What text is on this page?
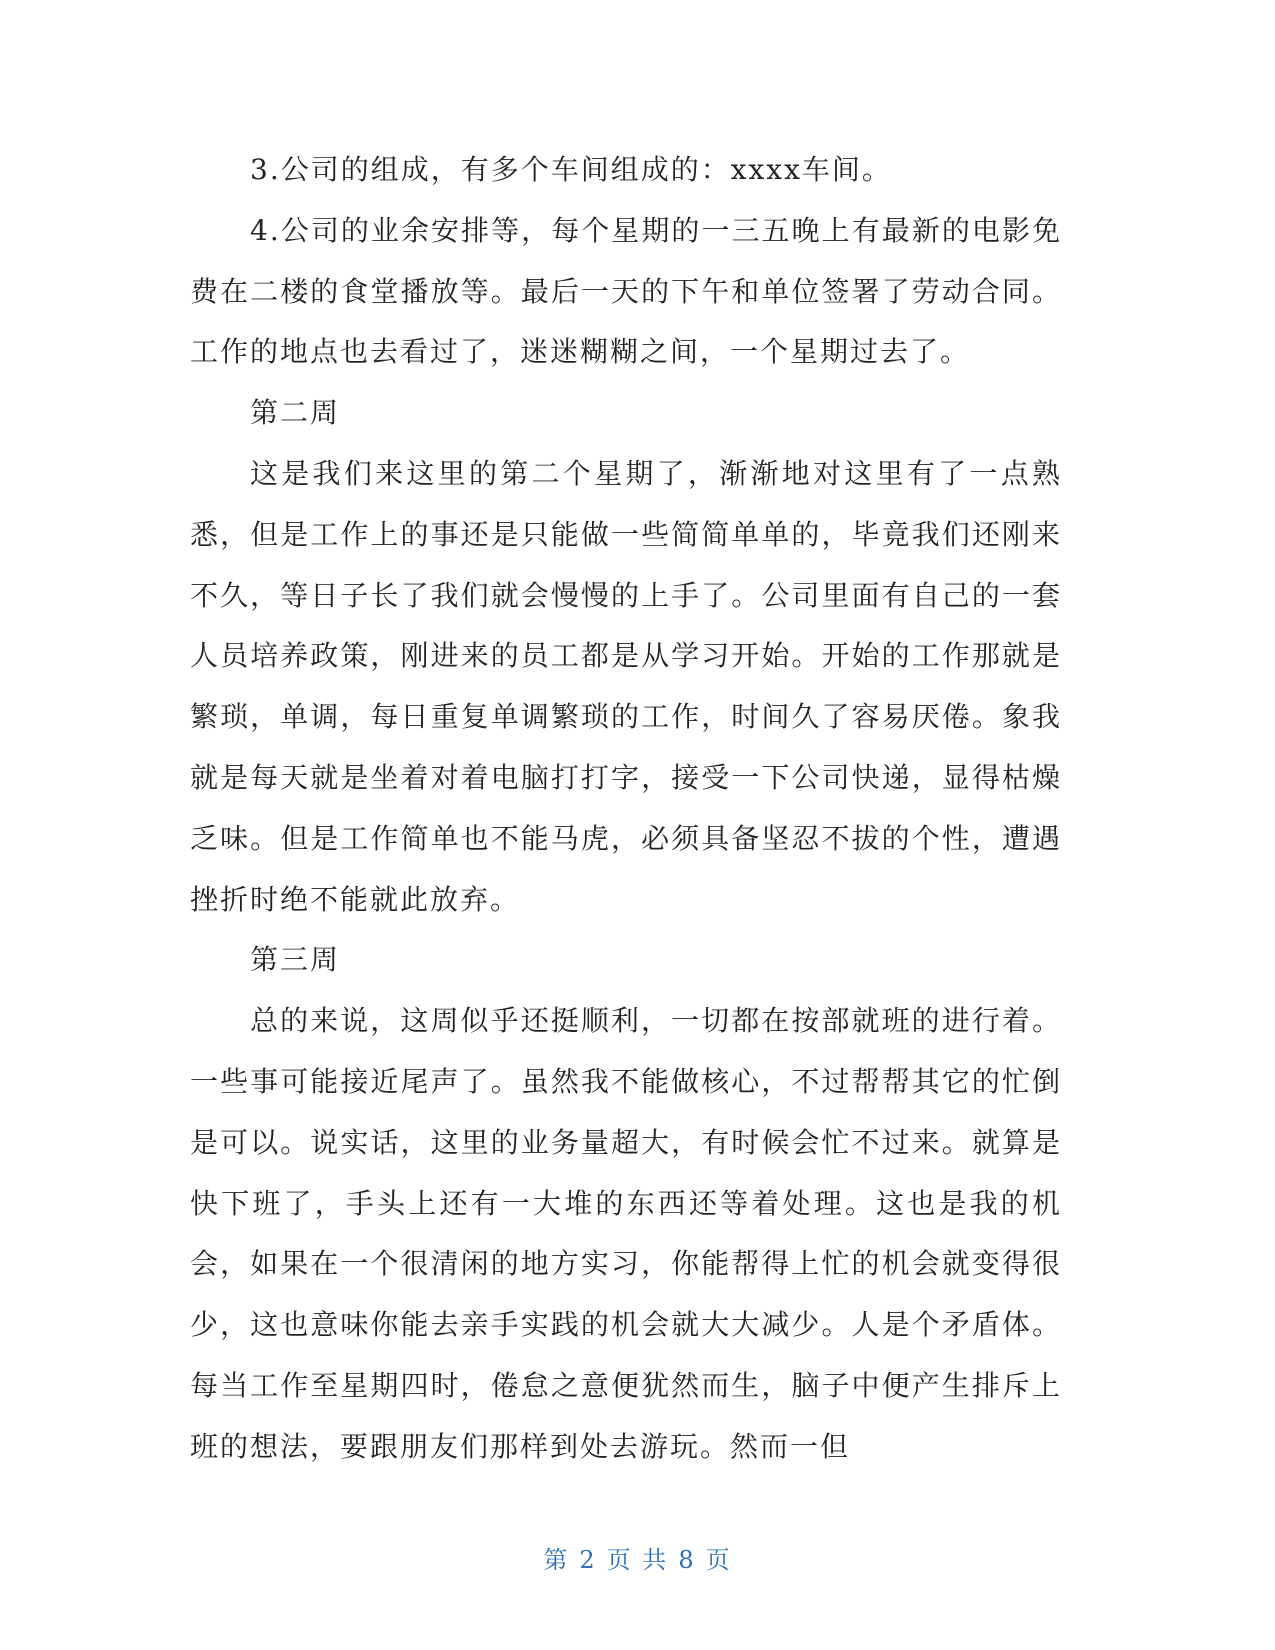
3.公司的组成，有多个车间组成的：xxxx车间。

4.公司的业余安排等，每个星期的一三五晚上有最新的电影免费在二楼的食堂播放等。最后一天的下午和单位签署了劳动合同。工作的地点也去看过了，迷迷糊糊之间，一个星期过去了。

第二周

这是我们来这里的第二个星期了，渐渐地对这里有了一点熟悉，但是工作上的事还是只能做一些简简单单的，毕竟我们还刚来不久，等日子长了我们就会慢慢的上手了。公司里面有自己的一套人员培养政策，刚进来的员工都是从学习开始。开始的工作那就是繁琐，单调，每日重复单调繁琐的工作，时间久了容易厌倦。象我就是每天就是坐着对着电脑打打字，接受一下公司快递，显得枯燥乏味。但是工作简单也不能马虎，必须具备坚忍不拔的个性，遭遇挫折时绝不能就此放弃。

第三周

总的来说，这周似乎还挺顺利，一切都在按部就班的进行着。一些事可能接近尾声了。虽然我不能做核心，不过帮帮其它的忙倒是可以。说实话，这里的业务量超大，有时候会忙不过来。就算是快下班了，手头上还有一大堆的东西还等着处理。这也是我的机会，如果在一个很清闲的地方实习，你能帮得上忙的机会就变得很少，这也意味你能去亲手实践的机会就大大减少。人是个矛盾体。每当工作至星期四时，倦怠之意便犹然而生，脑子中便产生排斥上班的想法，要跟朋友们那样到处去游玩。然而一但

第 2 页 共 8 页
